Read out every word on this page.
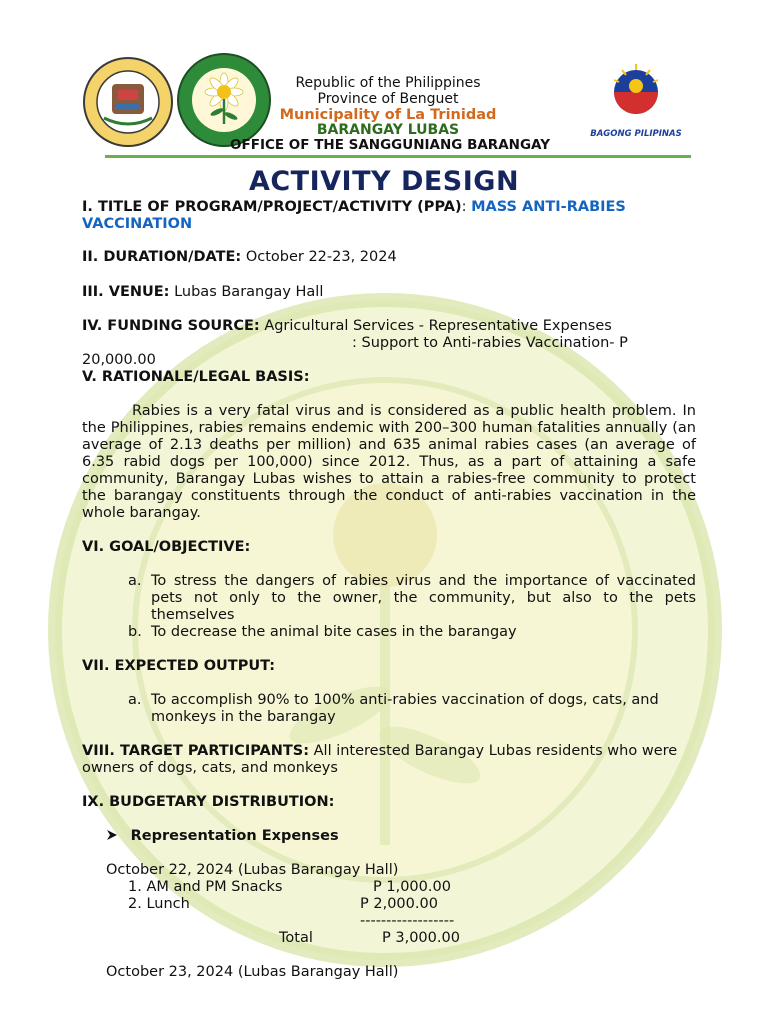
BAGONG PILIPINAS
Republic of the Philippines
Province of Benguet
Municipality of La Trinidad
BARANGAY LUBAS
OFFICE OF THE SANGGUNIANG BARANGAY
ACTIVITY DESIGN
I. TITLE OF PROGRAM/PROJECT/ACTIVITY (PPA): MASS ANTI-RABIES
VACCINATION
II. DURATION/DATE: October 22-23, 2024
III. VENUE: Lubas Barangay Hall
IV. FUNDING SOURCE: Agricultural Services - Representative Expenses
: Support to Anti-rabies Vaccination- P
20,000.00
V. RATIONALE/LEGAL BASIS:
Rabies is a very fatal virus and is considered as a public health problem. In the Philippines, rabies remains endemic with 200–300 human fatalities annually (an average of 2.13 deaths per million) and 635 animal rabies cases (an average of 6.35 rabid dogs per 100,000) since 2012. Thus, as a part of attaining a safe community, Barangay Lubas wishes to attain a rabies-free community to protect the barangay constituents through the conduct of anti-rabies vaccination in the whole barangay.
VI. GOAL/OBJECTIVE:
a. To stress the dangers of rabies virus and the importance of vaccinated pets not only to the owner, the community, but also to the pets themselves
b. To decrease the animal bite cases in the barangay
VII. EXPECTED OUTPUT:
a. To accomplish 90% to 100% anti-rabies vaccination of dogs, cats, and monkeys in the barangay
VIII. TARGET PARTICIPANTS: All interested Barangay Lubas residents who were owners of dogs, cats, and monkeys
IX. BUDGETARY DISTRIBUTION:
Representation Expenses
October 22, 2024 (Lubas Barangay Hall)
1. AM and PM Snacks	P 1,000.00
2. Lunch	P 2,000.00
------------------
Total	P 3,000.00
October 23, 2024 (Lubas Barangay Hall)
